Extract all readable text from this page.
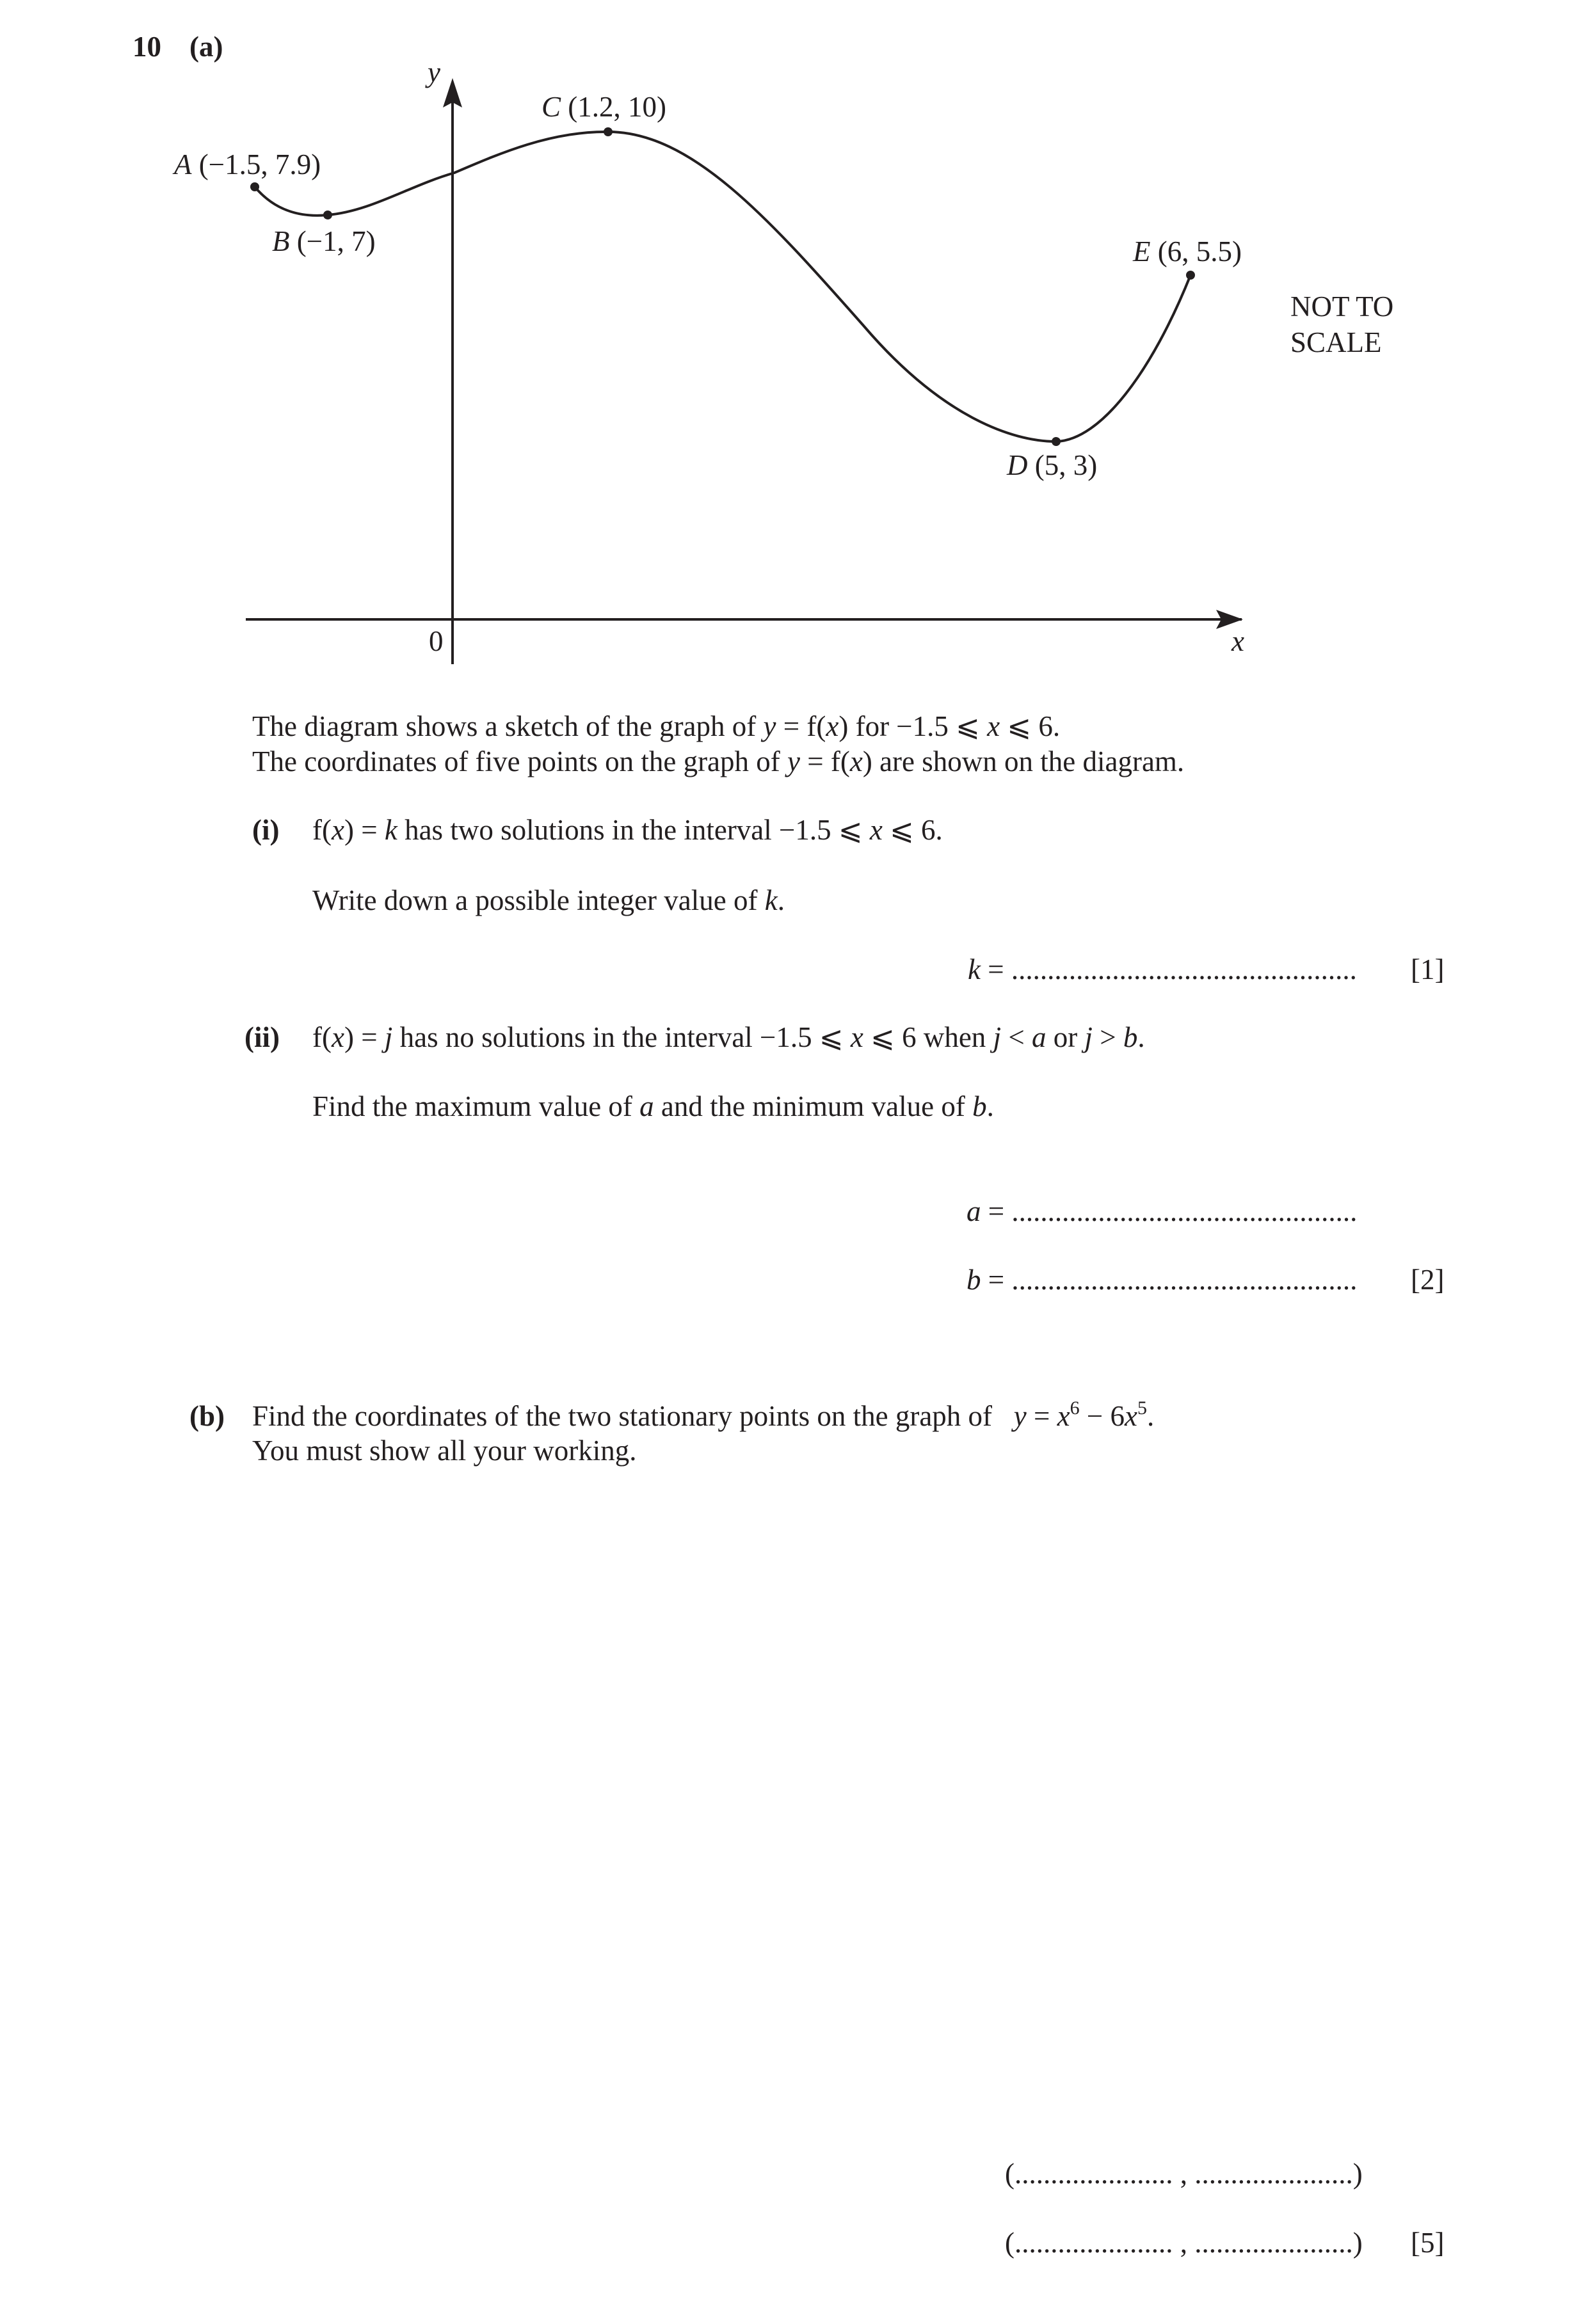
10 (a)
y
x
0
A (−1.5, 7.9)
B (−1, 7)
C (1.2, 10)
D (5, 3)
E (6, 5.5)
NOT TO
SCALE
The diagram shows a sketch of the graph of y = f(x) for −1.5 ⩽ x ⩽ 6.
The coordinates of five points on the graph of y = f(x) are shown on the diagram.
(i) f(x) = k has two solutions in the interval −1.5 ⩽ x ⩽ 6.
Write down a possible integer value of k.
k = ................................................ [1]
(ii) f(x) = j has no solutions in the interval −1.5 ⩽ x ⩽ 6 when j < a or j > b.
Find the maximum value of a and the minimum value of b.
a = ................................................
b = ................................................ [2]
(b) Find the coordinates of the two stationary points on the graph of   $y = x^6 - 6x^5$.
You must show all your working.
(...................... , ......................)
(...................... , ......................) [5]
